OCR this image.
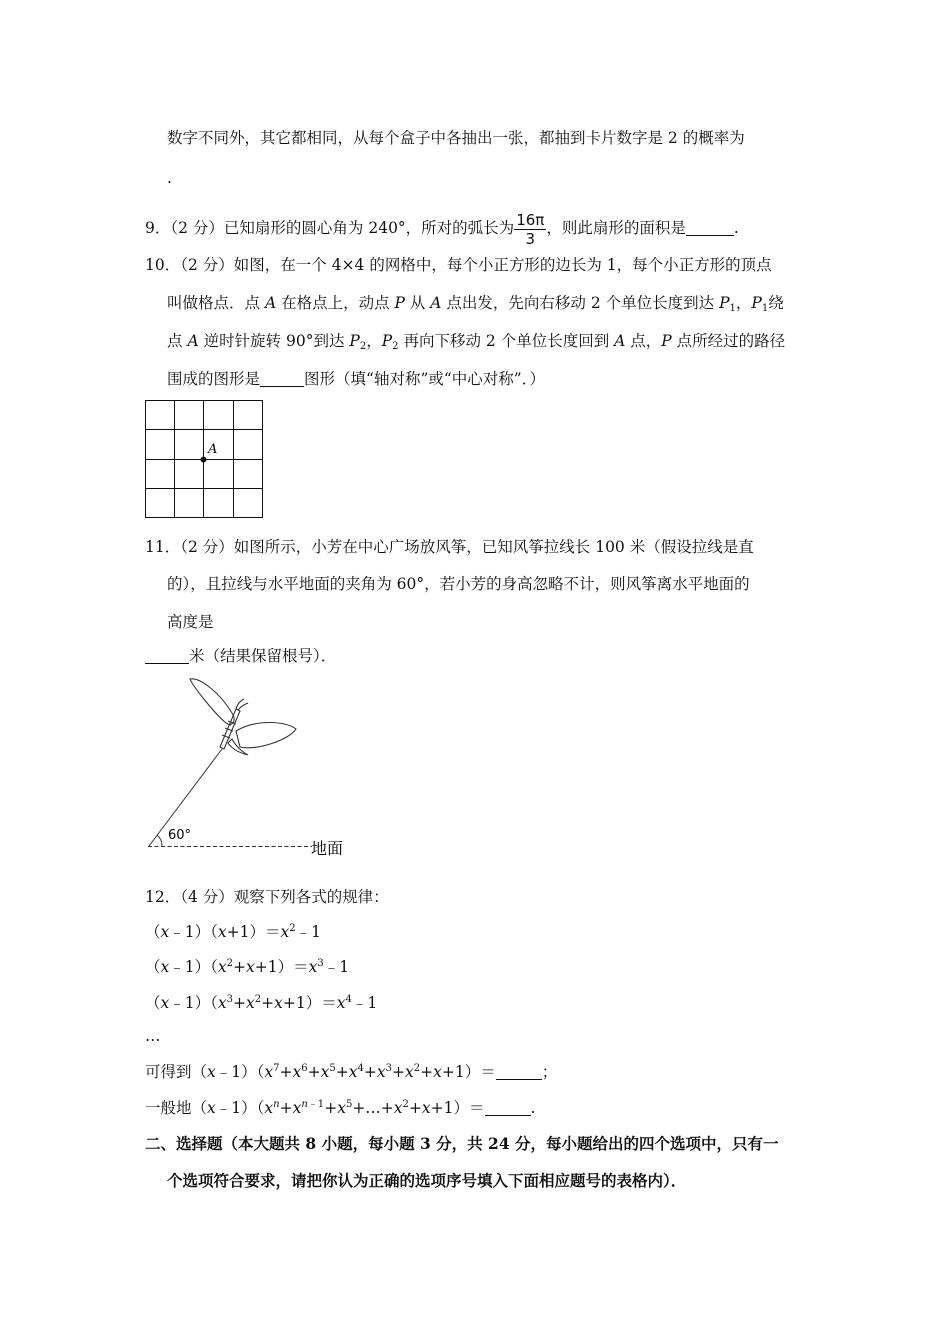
数字不同外，其它都相同，从每个盒子中各抽出一张，都抽到卡片数字是 2 的概率为
.
9．（2 分）已知扇形的圆心角为 240°，所对的弧长为 $\frac{16\pi}{3}$ ，则此扇形的面积是	.
10．（2 分）如图，在一个 4×4 的网格中，每个小正方形的边长为 1，每个小正方形的顶点
叫做格点．点 A 在格点上，动点 P 从 A 点出发，先向右移动 2 个单位长度到达 $P_1$，$P_1$绕
点 A 逆时针旋转 90°到达 $P_2$，$P_2$ 再向下移动 2 个单位长度回到 A 点，P 点所经过的路径
围成的图形是	图形（填“轴对称”或“中心对称”．）
A
11．（2 分）如图所示，小芳在中心广场放风筝，已知风筝拉线长 100 米（假设拉线是直
的），且拉线与水平地面的夹角为 60°，若小芳的身高忽略不计，则风筝离水平地面的
高度是
米（结果保留根号）．
60°
地面
12．（4 分）观察下列各式的规律：
$(x﹣1)(x+1)=x^2﹣1$
$(x﹣1)(x^2+x+1)=x^3﹣1$
$(x﹣1)(x^3+x^2+x+1)=x^4﹣1$
…
可得到$(x﹣1)(x^7+x^6+x^5+x^4+x^3+x^2+x+1)=$	；
一般地$(x﹣1)(x^n+x^{n﹣1}+x^5+\dots+x^2+x+1)=$	.
二、选择题（本大题共 8 小题，每小题 3 分，共 24 分，每小题给出的四个选项中，只有一
个选项符合要求，请把你认为正确的选项序号填入下面相应题号的表格内）．
